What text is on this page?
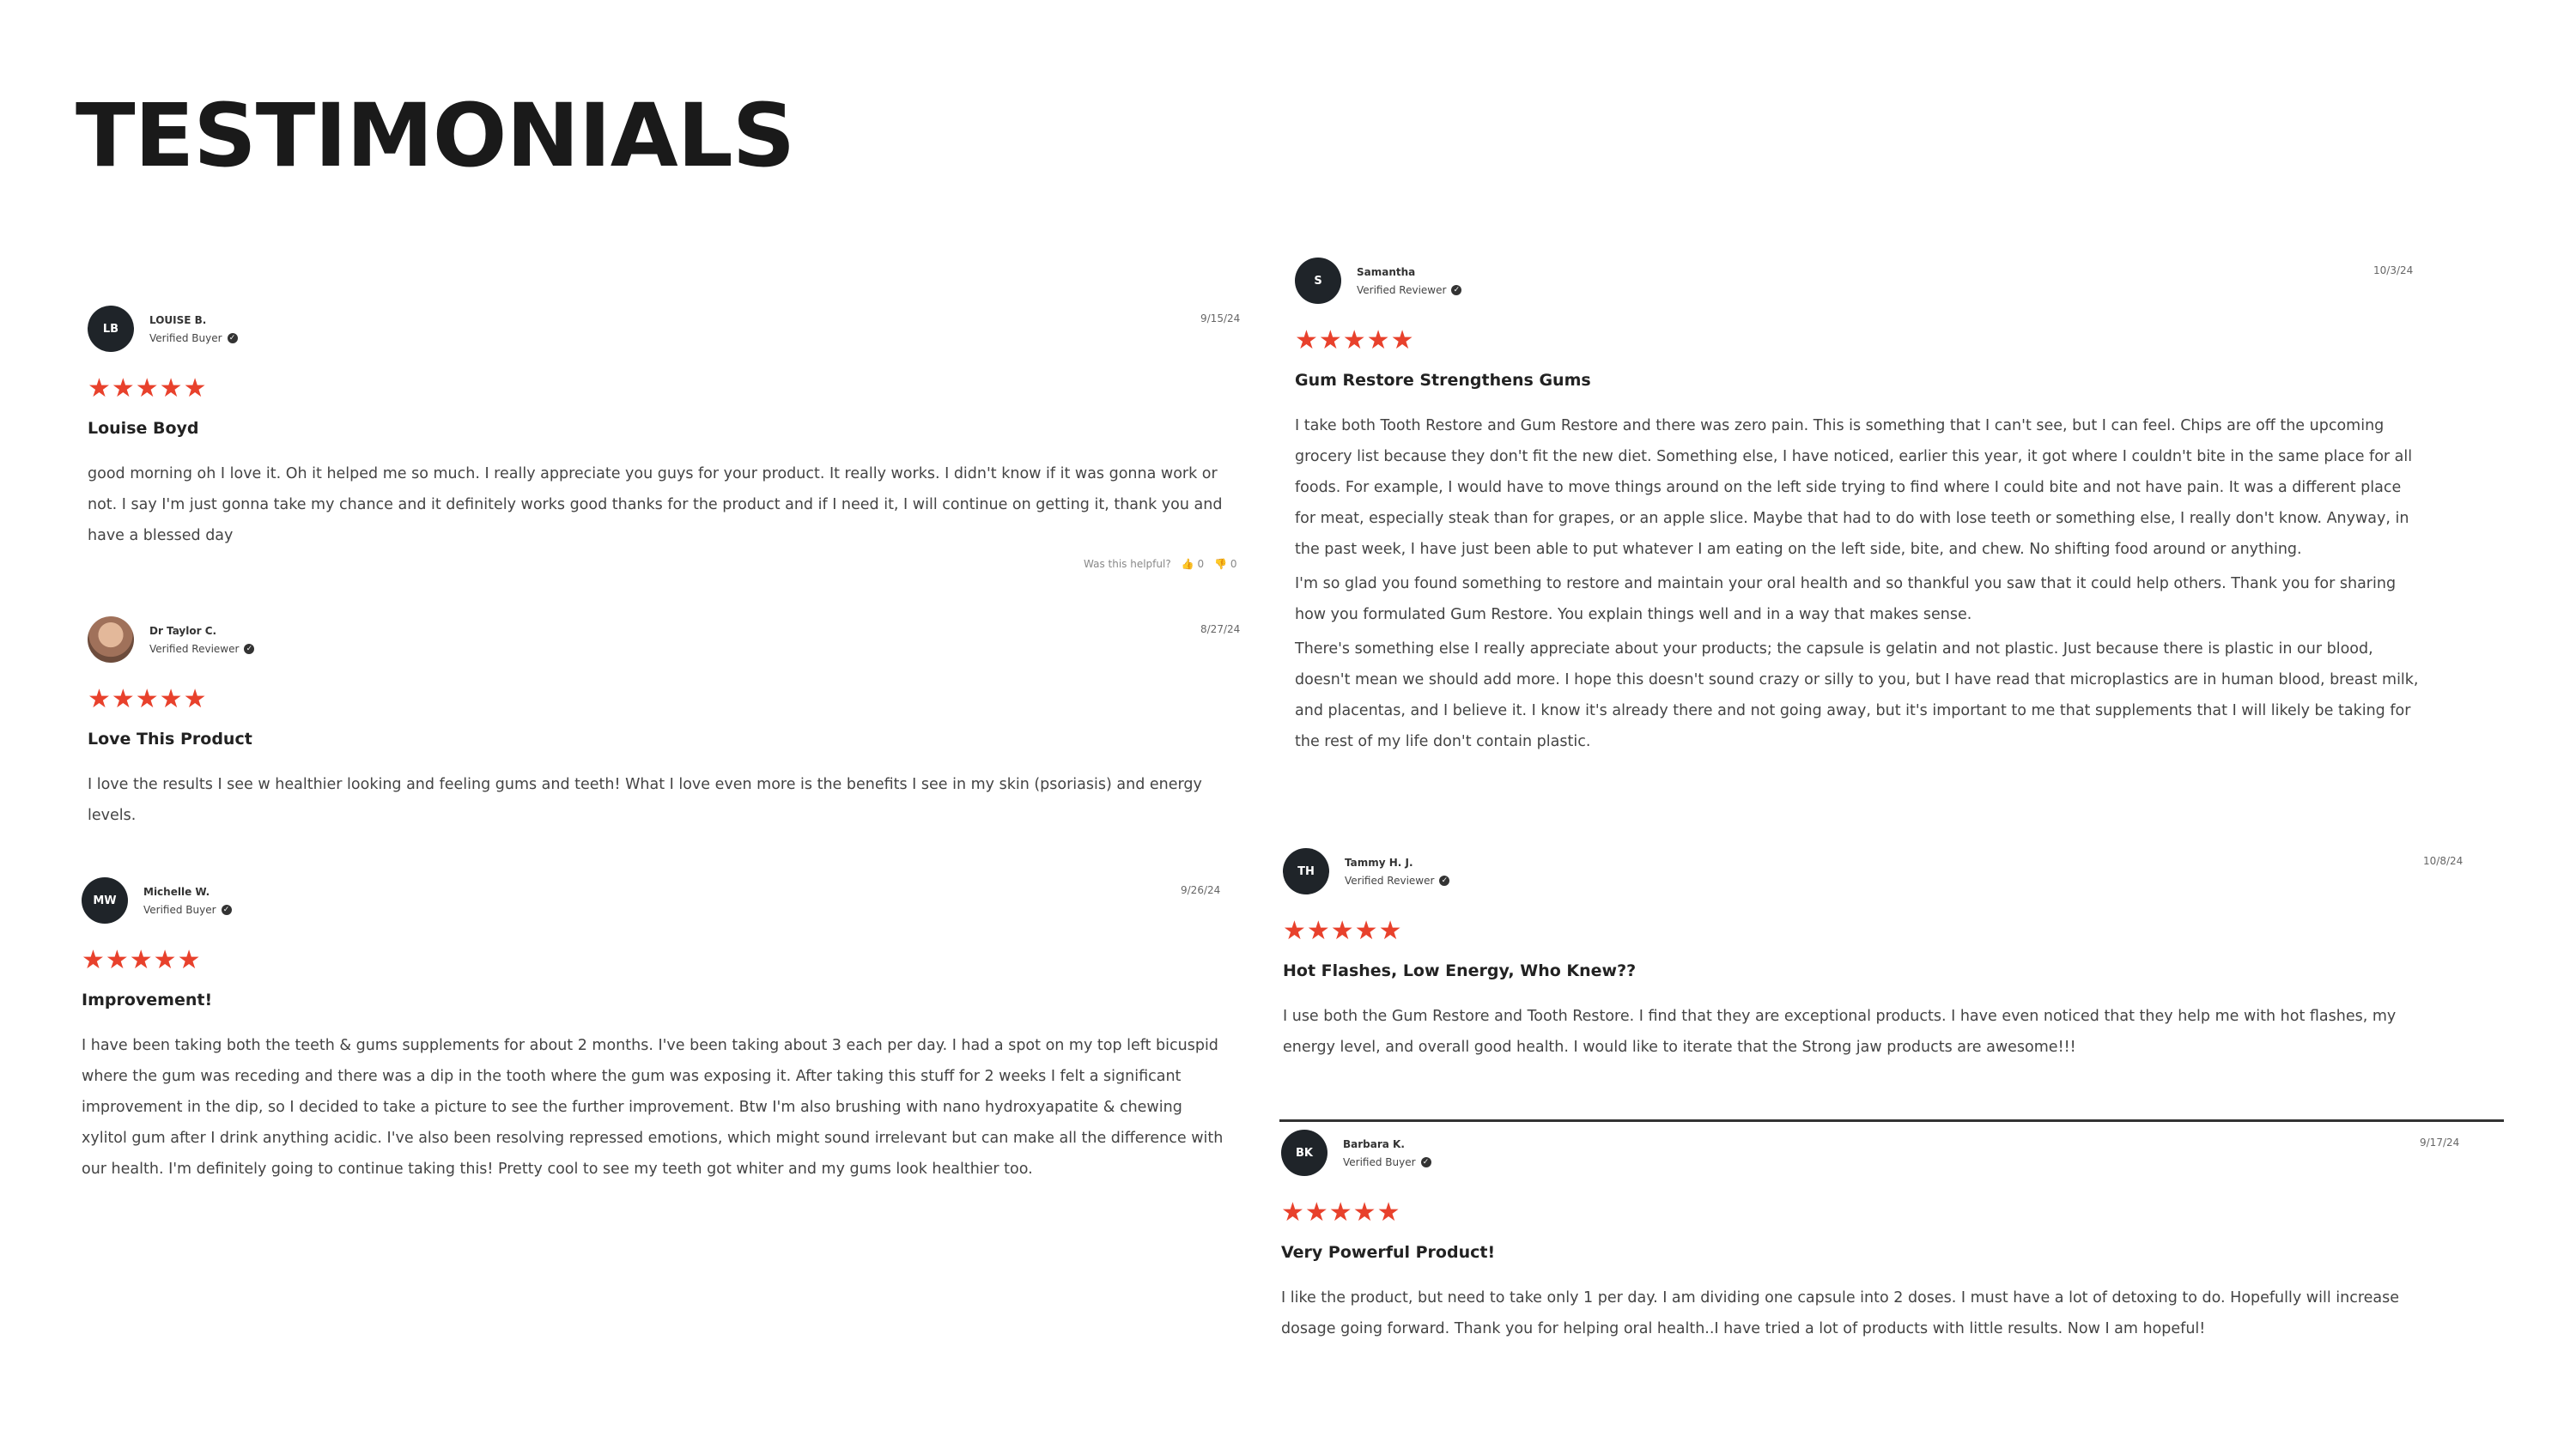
TESTIMONIALS
LB
LOUISE B.
Verified Buyer ✓
9/15/24
★★★★★
Louise Boyd

good morning oh I love it. Oh it helped me so much. I really appreciate you guys for your product. It really works. I didn't know if it was gonna work or not. I say I'm just gonna take my chance and it definitely works good thanks for the product and if I need it, I will continue on getting it, thank you and have a blessed day

Was this helpful? 👍 0 👎 0
Dr Taylor C.
Verified Reviewer ✓
8/27/24
★★★★★
Love This Product

I love the results I see w healthier looking and feeling gums and teeth! What I love even more is the benefits I see in my skin (psoriasis) and energy levels.

MW
Michelle W.
Verified Buyer ✓
9/26/24
★★★★★
Improvement!

I have been taking both the teeth & gums supplements for about 2 months. I've been taking about 3 each per day. I had a spot on my top left bicuspid where the gum was receding and there was a dip in the tooth where the gum was exposing it. After taking this stuff for 2 weeks I felt a significant improvement in the dip, so I decided to take a picture to see the further improvement. Btw I'm also brushing with nano hydroxyapatite & chewing xylitol gum after I drink anything acidic. I've also been resolving repressed emotions, which might sound irrelevant but can make all the difference with our health. I'm definitely going to continue taking this! Pretty cool to see my teeth got whiter and my gums look healthier too.

S
Samantha
Verified Reviewer ✓
10/3/24
★★★★★
Gum Restore Strengthens Gums

I take both Tooth Restore and Gum Restore and there was zero pain. This is something that I can't see, but I can feel. Chips are off the upcoming grocery list because they don't fit the new diet. Something else, I have noticed, earlier this year, it got where I couldn't bite in the same place for all foods. For example, I would have to move things around on the left side trying to find where I could bite and not have pain. It was a different place for meat, especially steak than for grapes, or an apple slice. Maybe that had to do with lose teeth or something else, I really don't know. Anyway, in the past week, I have just been able to put whatever I am eating on the left side, bite, and chew. No shifting food around or anything.

I'm so glad you found something to restore and maintain your oral health and so thankful you saw that it could help others. Thank you for sharing how you formulated Gum Restore. You explain things well and in a way that makes sense.

There's something else I really appreciate about your products; the capsule is gelatin and not plastic. Just because there is plastic in our blood, doesn't mean we should add more. I hope this doesn't sound crazy or silly to you, but I have read that microplastics are in human blood, breast milk, and placentas, and I believe it. I know it's already there and not going away, but it's important to me that supplements that I will likely be taking for the rest of my life don't contain plastic.

TH
Tammy H. J.
Verified Reviewer ✓
10/8/24
★★★★★
Hot Flashes, Low Energy, Who Knew??

I use both the Gum Restore and Tooth Restore. I find that they are exceptional products. I have even noticed that they help me with hot flashes, my energy level, and overall good health. I would like to iterate that the Strong jaw products are awesome!!!

BK
Barbara K.
Verified Buyer ✓
9/17/24
★★★★★
Very Powerful Product!

I like the product, but need to take only 1 per day. I am dividing one capsule into 2 doses. I must have a lot of detoxing to do. Hopefully will increase dosage going forward. Thank you for helping oral health..I have tried a lot of products with little results. Now I am hopeful!
